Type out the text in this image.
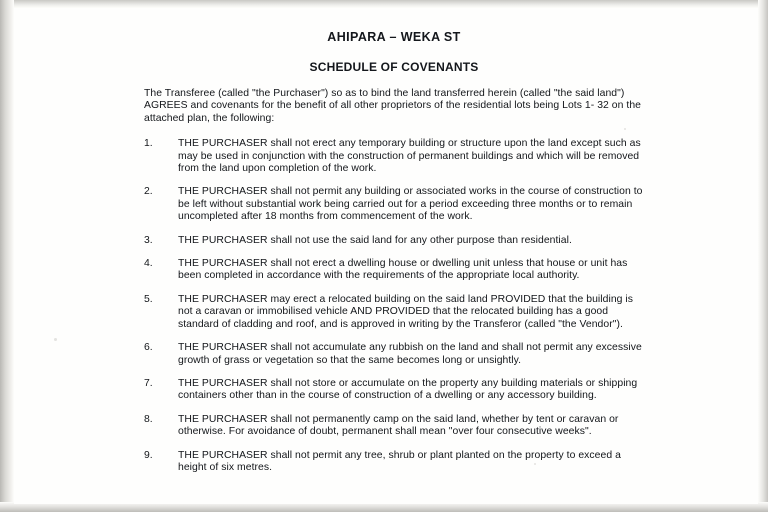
AHIPARA – WEKA ST
SCHEDULE OF COVENANTS

The Transferee (called "the Purchaser") so as to bind the land transferred herein (called "the said land") AGREES and covenants for the benefit of all other proprietors of the residential lots being Lots 1- 32 on the attached plan, the following:

1.	THE PURCHASER shall not erect any temporary building or structure upon the land except such as may be used in conjunction with the construction of permanent buildings and which will be removed from the land upon completion of the work.
2.	THE PURCHASER shall not permit any building or associated works in the course of construction to be left without substantial work being carried out for a period exceeding three months or to remain uncompleted after 18 months from commencement of the work.
3.	THE PURCHASER shall not use the said land for any other purpose than residential.
4.	THE PURCHASER shall not erect a dwelling house or dwelling unit unless that house or unit has been completed in accordance with the requirements of the appropriate local authority.
5.	THE PURCHASER may erect a relocated building on the said land PROVIDED that the building is not a caravan or immobilised vehicle AND PROVIDED that the relocated building has a good standard of cladding and roof, and is approved in writing by the Transferor (called "the Vendor").
6.	THE PURCHASER shall not accumulate any rubbish on the land and shall not permit any excessive growth of grass or vegetation so that the same becomes long or unsightly.
7.	THE PURCHASER shall not store or accumulate on the property any building materials or shipping containers other than in the course of construction of a dwelling or any accessory building.
8.	THE PURCHASER shall not permanently camp on the said land, whether by tent or caravan or otherwise. For avoidance of doubt, permanent shall mean "over four consecutive weeks".
9.	THE PURCHASER shall not permit any tree, shrub or plant planted on the property to exceed a height of six metres.
